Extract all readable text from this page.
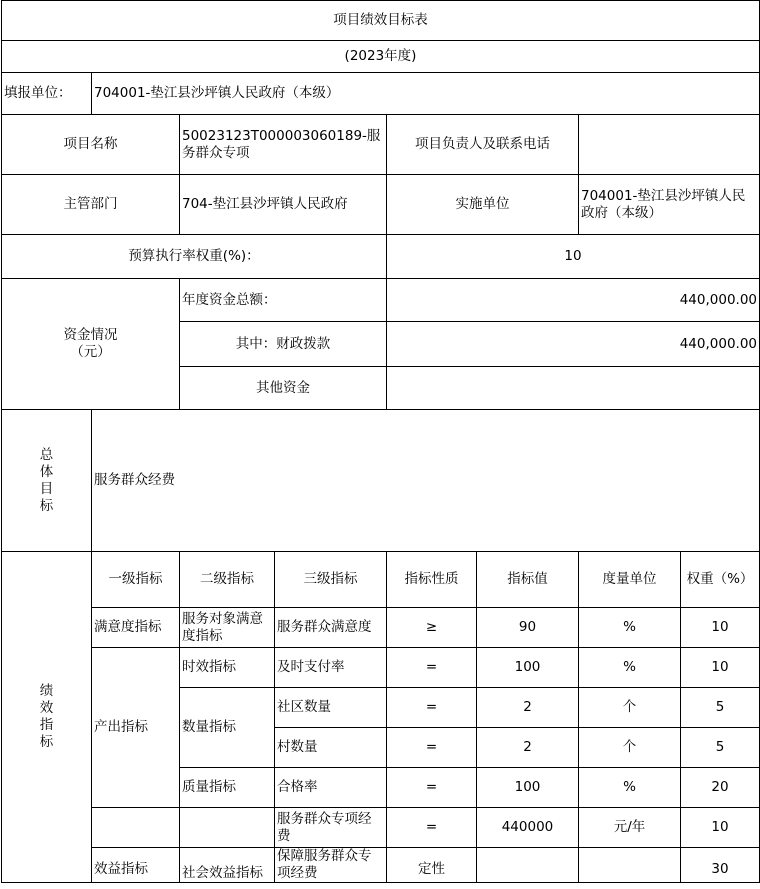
项目绩效目标表							
(2023年度)							
填报单位：	704001-垫江县沙坪镇人民政府（本级）						
项目名称		50023123T000003060189-服务群众专项		项目负责人及联系电话			
主管部门		704-垫江县沙坪镇人民政府		实施单位		704001-垫江县沙坪镇人民政府（本级）	
预算执行率权重(%)：				10			

资金情况（元）		年度资金总额：		440,000.00			
		其中：财政拨款		440,000.00			
		其他资金					

总体目标	服务群众经费						

绩效指标	一级指标	二级指标	三级指标	指标性质	指标值	度量单位	权重（%）
	满意度指标	服务对象满意度指标	服务群众满意度	≥	90	%	10
	产出指标	时效指标	及时支付率	=	100	%	10
		数量指标	社区数量	=	2	个	5
			村数量	=	2	个	5
		质量指标	合格率	=	100	%	20
			服务群众专项经费	=	440000	元/年	10
	效益指标	社会效益指标	保障服务群众专项经费	定性			30
